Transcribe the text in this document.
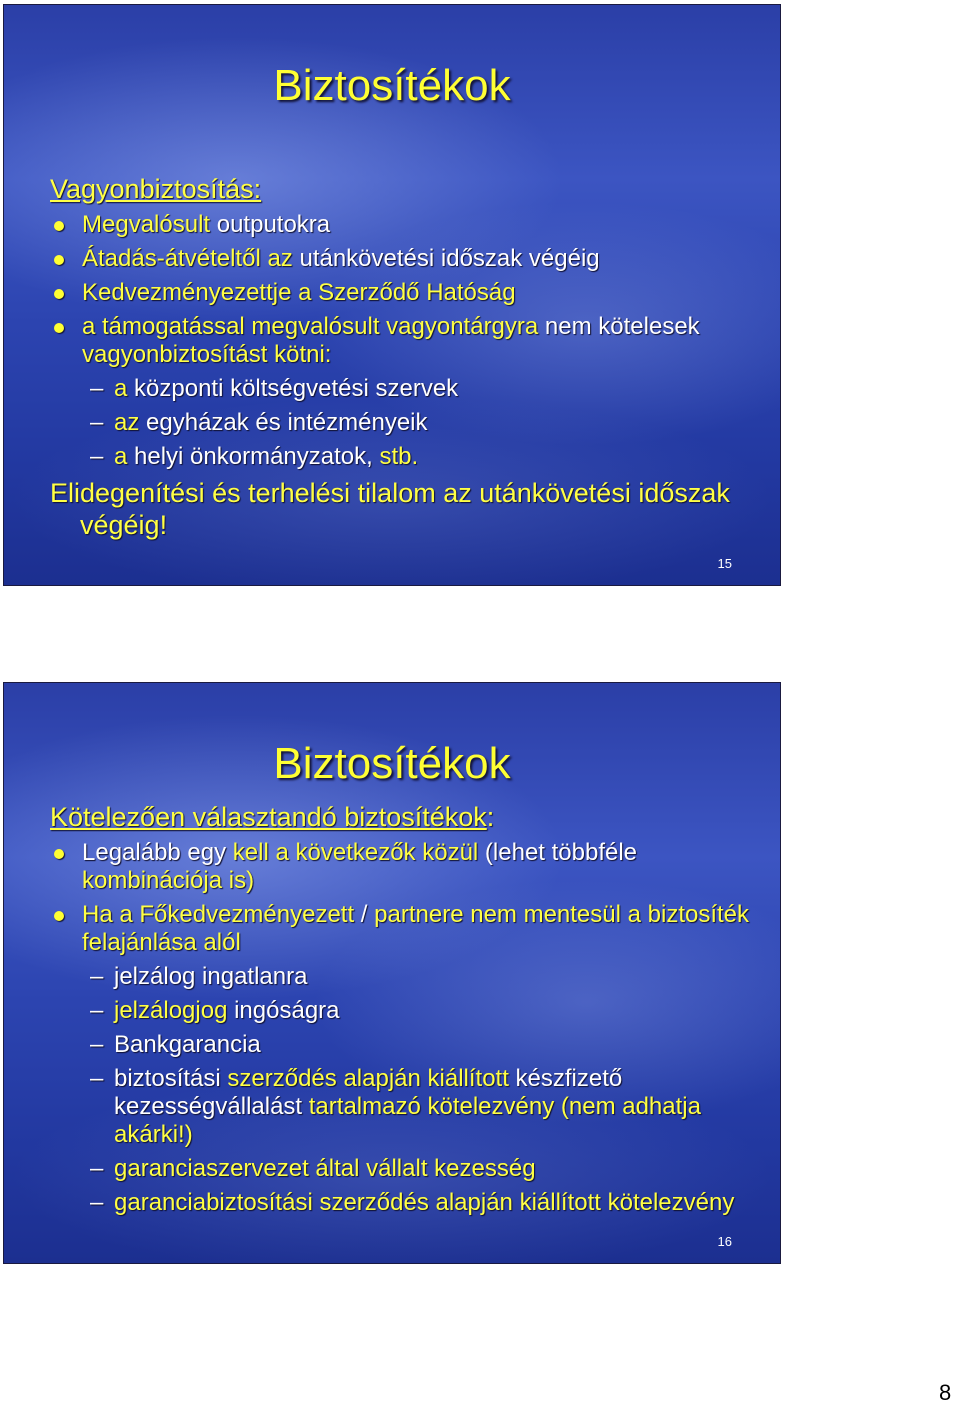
Biztosítékok
Vagyonbiztosítás:
Megvalósult outputokra
Átadás-átvételtől az utánkövetési időszak végéig
Kedvezményezettje a Szerződő Hatóság
a támogatással megvalósult vagyontárgyra nem kötelesek vagyonbiztosítást kötni:
– a központi költségvetési szervek
– az egyházak és intézményeik
– a helyi önkormányzatok, stb.
Elidegenítési és terhelési tilalom az utánkövetési időszak végéig!
15
Biztosítékok
Kötelezően választandó biztosítékok:
Legalább egy kell a következők közül (lehet többféle kombinációja is)
Ha a Főkedvezményezett / partnere nem mentesül a biztosíték felajánlása alól
– jelzálog ingatlanra
– jelzálogjog ingóságra
– Bankgarancia
– biztosítási szerződés alapján kiállított készfizető kezességvállalást tartalmazó kötelezvény (nem adhatja akárki!)
– garanciaszervezet által vállalt kezesség
– garanciabiztosítási szerződés alapján kiállított kötelezvény
16
8
